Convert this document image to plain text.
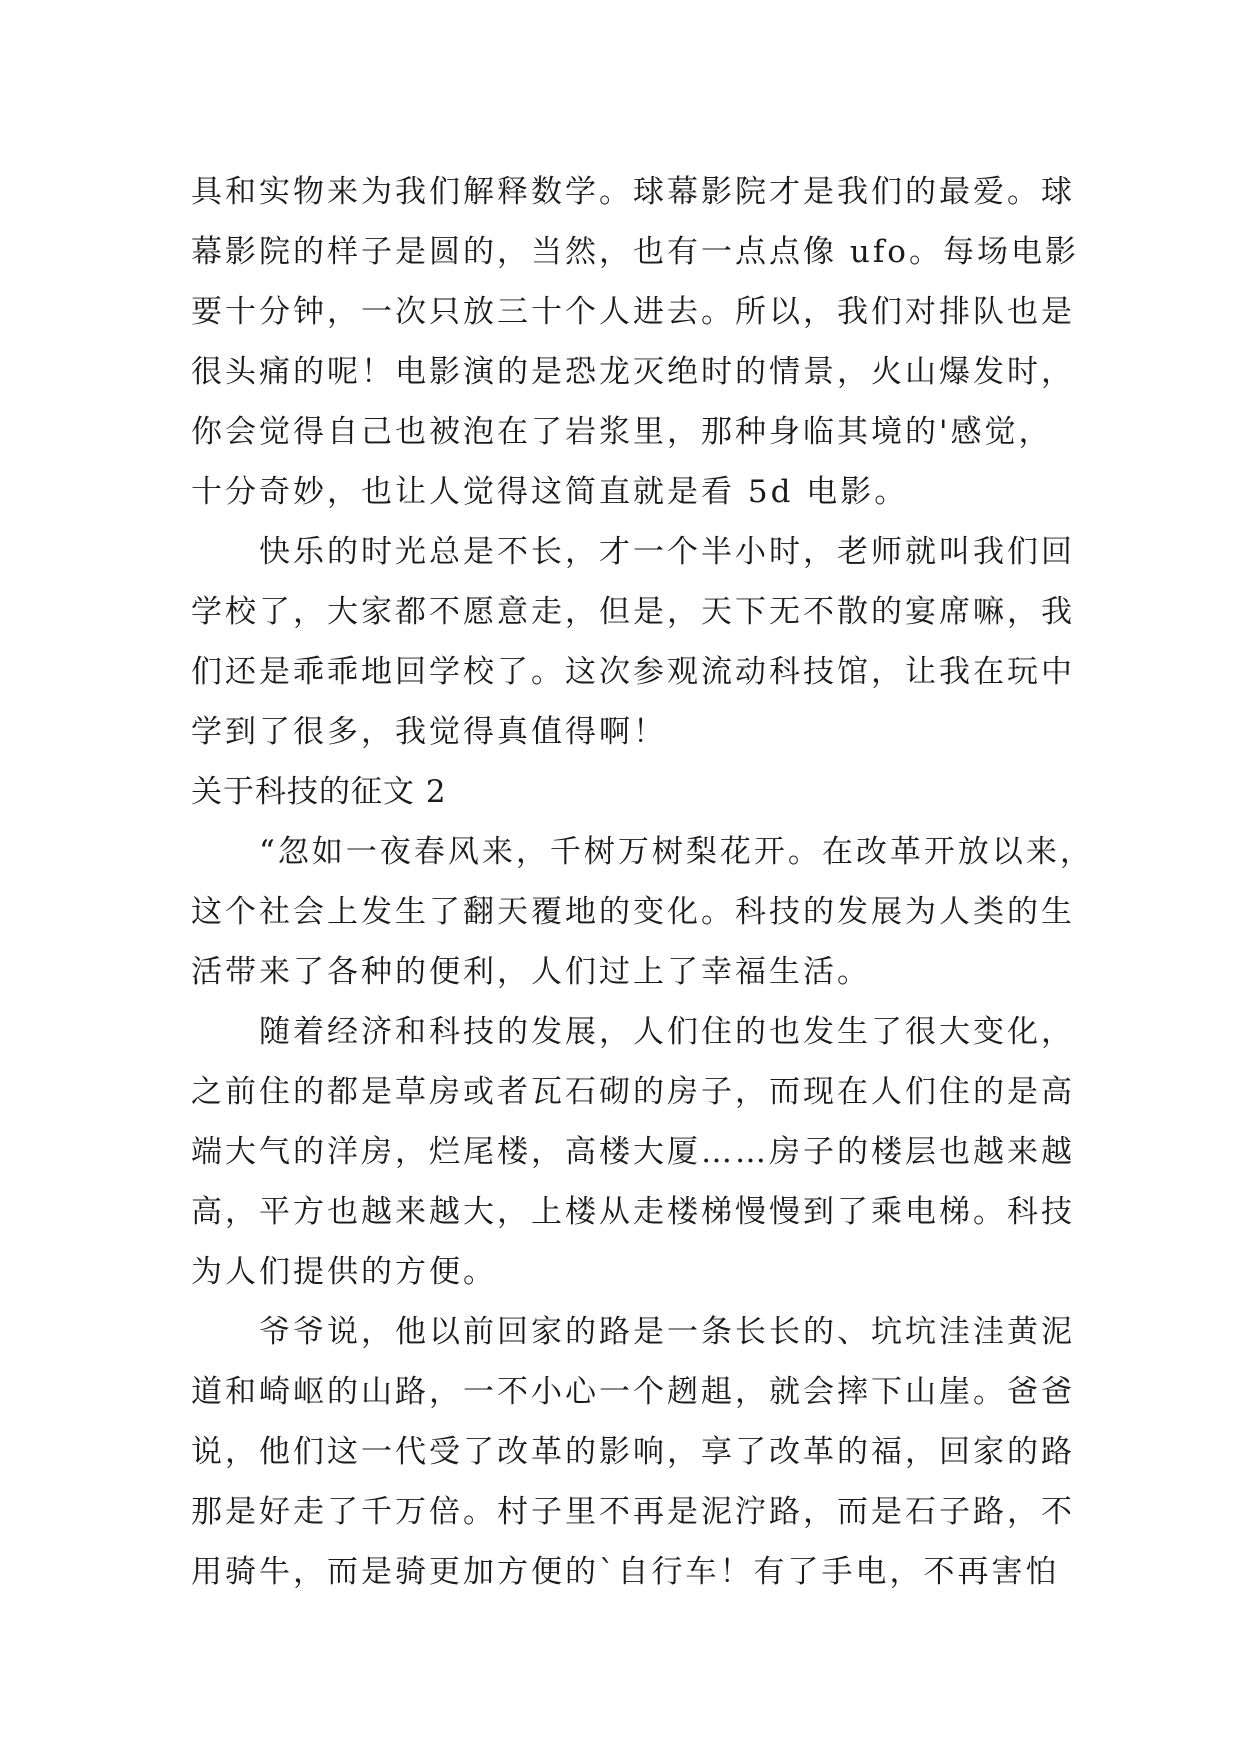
具和实物来为我们解释数学。球幕影院才是我们的最爱。球
幕影院的样子是圆的，当然，也有一点点像 ufo。每场电影
要十分钟，一次只放三十个人进去。所以，我们对排队也是
很头痛的呢！电影演的是恐龙灭绝时的情景，火山爆发时，
你会觉得自己也被泡在了岩浆里，那种身临其境的'感觉，
十分奇妙，也让人觉得这简直就是看 5d 电影。
　　快乐的时光总是不长，才一个半小时，老师就叫我们回
学校了，大家都不愿意走，但是，天下无不散的宴席嘛，我
们还是乖乖地回学校了。这次参观流动科技馆，让我在玩中
学到了很多，我觉得真值得啊！
关于科技的征文 2
　　“忽如一夜春风来，千树万树梨花开。在改革开放以来，
这个社会上发生了翻天覆地的变化。科技的发展为人类的生
活带来了各种的便利，人们过上了幸福生活。
　　随着经济和科技的发展，人们住的也发生了很大变化，
之前住的都是草房或者瓦石砌的房子，而现在人们住的是高
端大气的洋房，烂尾楼，高楼大厦……房子的楼层也越来越
高，平方也越来越大，上楼从走楼梯慢慢到了乘电梯。科技
为人们提供的方便。
　　爷爷说，他以前回家的路是一条长长的、坑坑洼洼黄泥
道和崎岖的山路，一不小心一个趔趄，就会摔下山崖。爸爸
说，他们这一代受了改革的影响，享了改革的福，回家的路
那是好走了千万倍。村子里不再是泥泞路，而是石子路，不
用骑牛，而是骑更加方便的`自行车！有了手电，不再害怕
